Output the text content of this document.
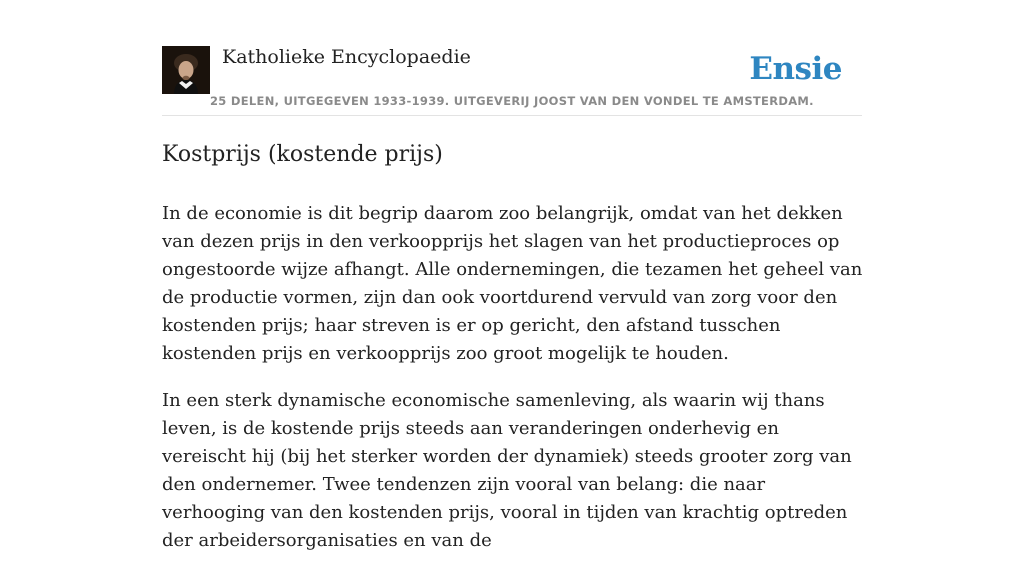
Katholieke Encyclopaedie
25 DELEN, UITGEGEVEN 1933-1939. UITGEVERIJ JOOST VAN DEN VONDEL TE AMSTERDAM.
Ensie
Kostprijs (kostende prijs)

In de economie is dit begrip daarom zoo belangrijk, omdat van het dekken van dezen prijs in den verkoopprijs het slagen van het productieproces op ongestoorde wijze afhangt. Alle ondernemingen, die tezamen het geheel van de productie vormen, zijn dan ook voortdurend vervuld van zorg voor den kostenden prijs; haar streven is er op gericht, den afstand tusschen kostenden prijs en verkoopprijs zoo groot mogelijk te houden.

In een sterk dynamische economische samenleving, als waarin wij thans leven, is de kostende prijs steeds aan veranderingen onderhevig en vereischt hij (bij het sterker worden der dynamiek) steeds grooter zorg van den ondernemer. Twee tendenzen zijn vooral van belang: die naar verhooging van den kostenden prijs, vooral in tijden van krachtig optreden der arbeidersorganisaties en van de
